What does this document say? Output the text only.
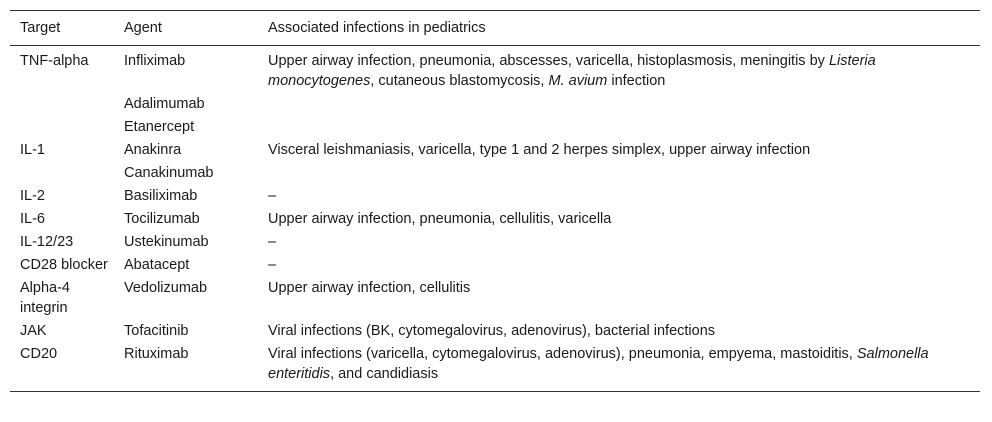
Target	Agent	Associated infections in pediatrics
TNF-alpha	Infliximab	Upper airway infection, pneumonia, abscesses, varicella, histoplasmosis, meningitis by Listeria monocytogenes, cutaneous blastomycosis, M. avium infection
	Adalimumab	
	Etanercept	
IL-1	Anakinra	Visceral leishmaniasis, varicella, type 1 and 2 herpes simplex, upper airway infection
	Canakinumab	
IL-2	Basiliximab	–
IL-6	Tocilizumab	Upper airway infection, pneumonia, cellulitis, varicella
IL-12/23	Ustekinumab	–
CD28 blocker	Abatacept	–
Alpha-4 integrin	Vedolizumab	Upper airway infection, cellulitis
JAK	Tofacitinib	Viral infections (BK, cytomegalovirus, adenovirus), bacterial infections
CD20	Rituximab	Viral infections (varicella, cytomegalovirus, adenovirus), pneumonia, empyema, mastoiditis, Salmonella enteritidis, and candidiasis
